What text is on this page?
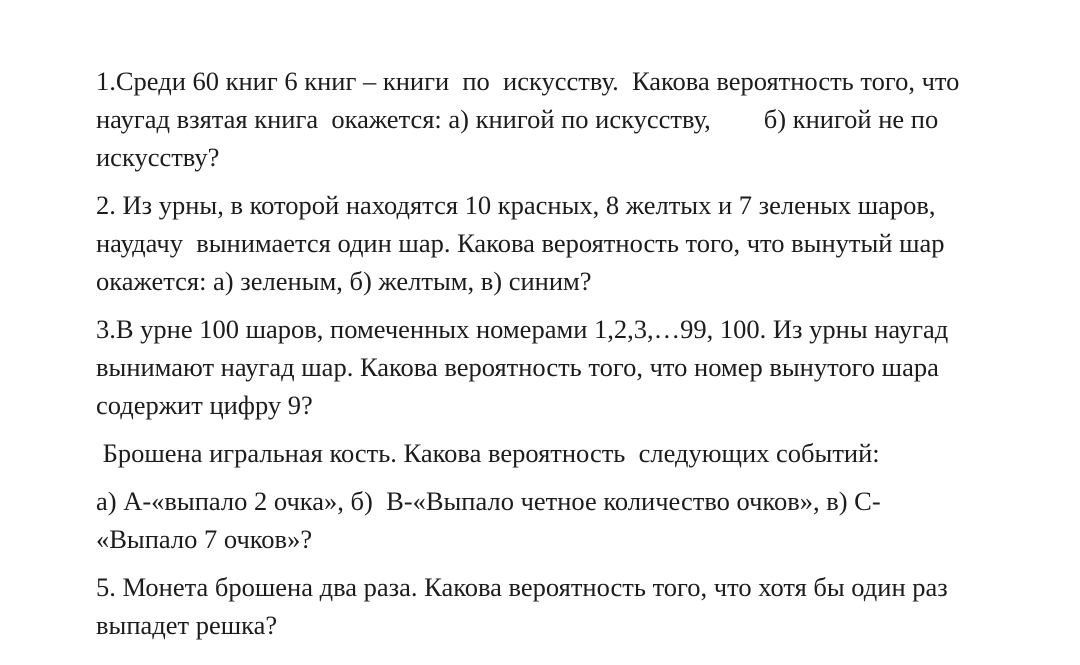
1.Среди 60 книг 6 книг – книги  по  искусству.  Какова вероятность того, что
наугад взятая книга  окажется: а) книгой по искусству,        б) книгой не по
искусству?
2. Из урны, в которой находятся 10 красных, 8 желтых и 7 зеленых шаров,
наудачу  вынимается один шар. Какова вероятность того, что вынутый шар
окажется: а) зеленым, б) желтым, в) синим?
3.В урне 100 шаров, помеченных номерами 1,2,3,…99, 100. Из урны наугад
вынимают наугад шар. Какова вероятность того, что номер вынутого шара
содержит цифру 9?
Брошена игральная кость. Какова вероятность  следующих событий:
а) А-«выпало 2 очка», б)  В-«Выпало четное количество очков», в) С-
«Выпало 7 очков»?
5. Монета брошена два раза. Какова вероятность того, что хотя бы один раз
выпадет решка?
